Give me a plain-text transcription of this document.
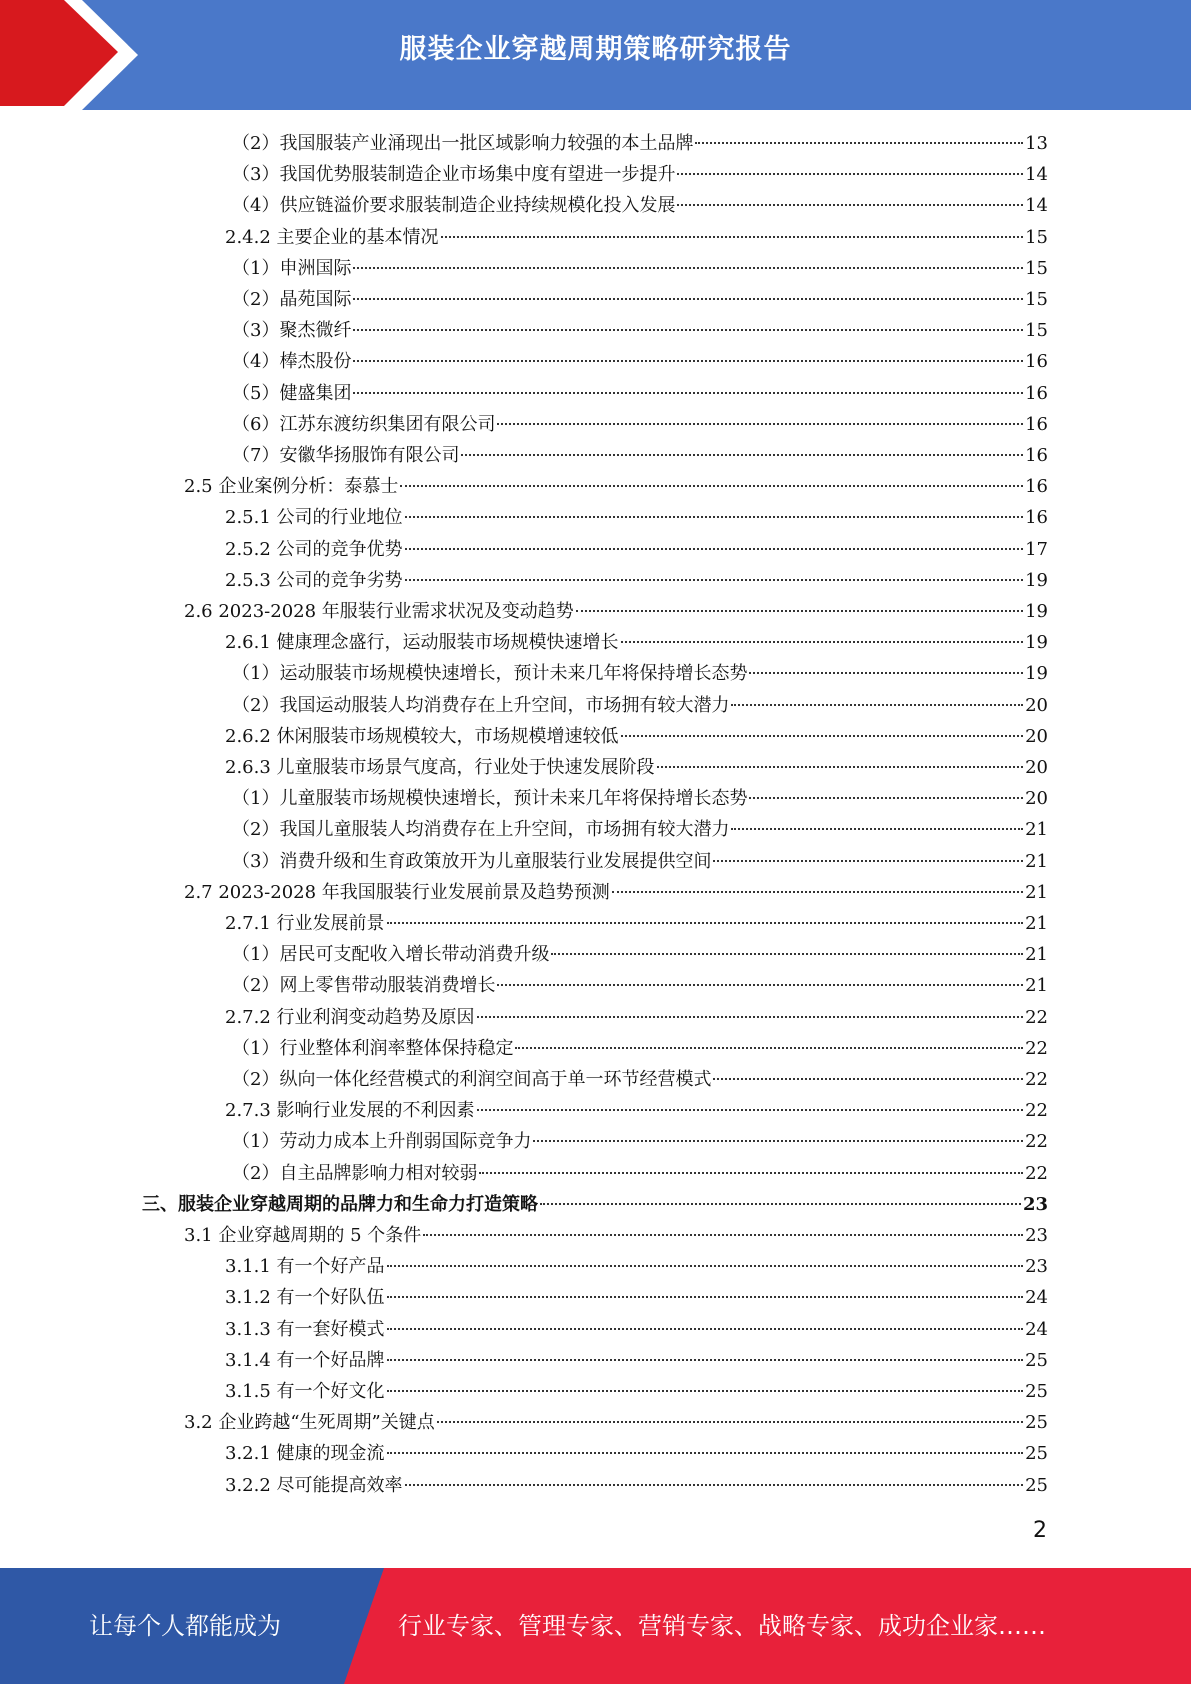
服装企业穿越周期策略研究报告
（2）我国服装产业涌现出一批区域影响力较强的本土品牌	13
（3）我国优势服装制造企业市场集中度有望进一步提升	14
（4）供应链溢价要求服装制造企业持续规模化投入发展	14
2.4.2 主要企业的基本情况	15
（1）申洲国际	15
（2）晶苑国际	15
（3）聚杰微纤	15
（4）棒杰股份	16
（5）健盛集团	16
（6）江苏东渡纺织集团有限公司	16
（7）安徽华扬服饰有限公司	16
2.5 企业案例分析：泰慕士	16
2.5.1 公司的行业地位	16
2.5.2 公司的竞争优势	17
2.5.3 公司的竞争劣势	19
2.6 2023-2028 年服装行业需求状况及变动趋势	19
2.6.1 健康理念盛行，运动服装市场规模快速增长	19
（1）运动服装市场规模快速增长，预计未来几年将保持增长态势	19
（2）我国运动服装人均消费存在上升空间，市场拥有较大潜力	20
2.6.2 休闲服装市场规模较大，市场规模增速较低	20
2.6.3 儿童服装市场景气度高，行业处于快速发展阶段	20
（1）儿童服装市场规模快速增长，预计未来几年将保持增长态势	20
（2）我国儿童服装人均消费存在上升空间，市场拥有较大潜力	21
（3）消费升级和生育政策放开为儿童服装行业发展提供空间	21
2.7 2023-2028 年我国服装行业发展前景及趋势预测	21
2.7.1 行业发展前景	21
（1）居民可支配收入增长带动消费升级	21
（2）网上零售带动服装消费增长	21
2.7.2 行业利润变动趋势及原因	22
（1）行业整体利润率整体保持稳定	22
（2）纵向一体化经营模式的利润空间高于单一环节经营模式	22
2.7.3 影响行业发展的不利因素	22
（1）劳动力成本上升削弱国际竞争力	22
（2）自主品牌影响力相对较弱	22
三、服装企业穿越周期的品牌力和生命力打造策略	23
3.1 企业穿越周期的 5 个条件	23
3.1.1 有一个好产品	23
3.1.2 有一个好队伍	24
3.1.3 有一套好模式	24
3.1.4 有一个好品牌	25
3.1.5 有一个好文化	25
3.2 企业跨越“生死周期”关键点	25
3.2.1 健康的现金流	25
3.2.2 尽可能提高效率	25
2
让每个人都能成为	行业专家、管理专家、营销专家、战略专家、成功企业家……
